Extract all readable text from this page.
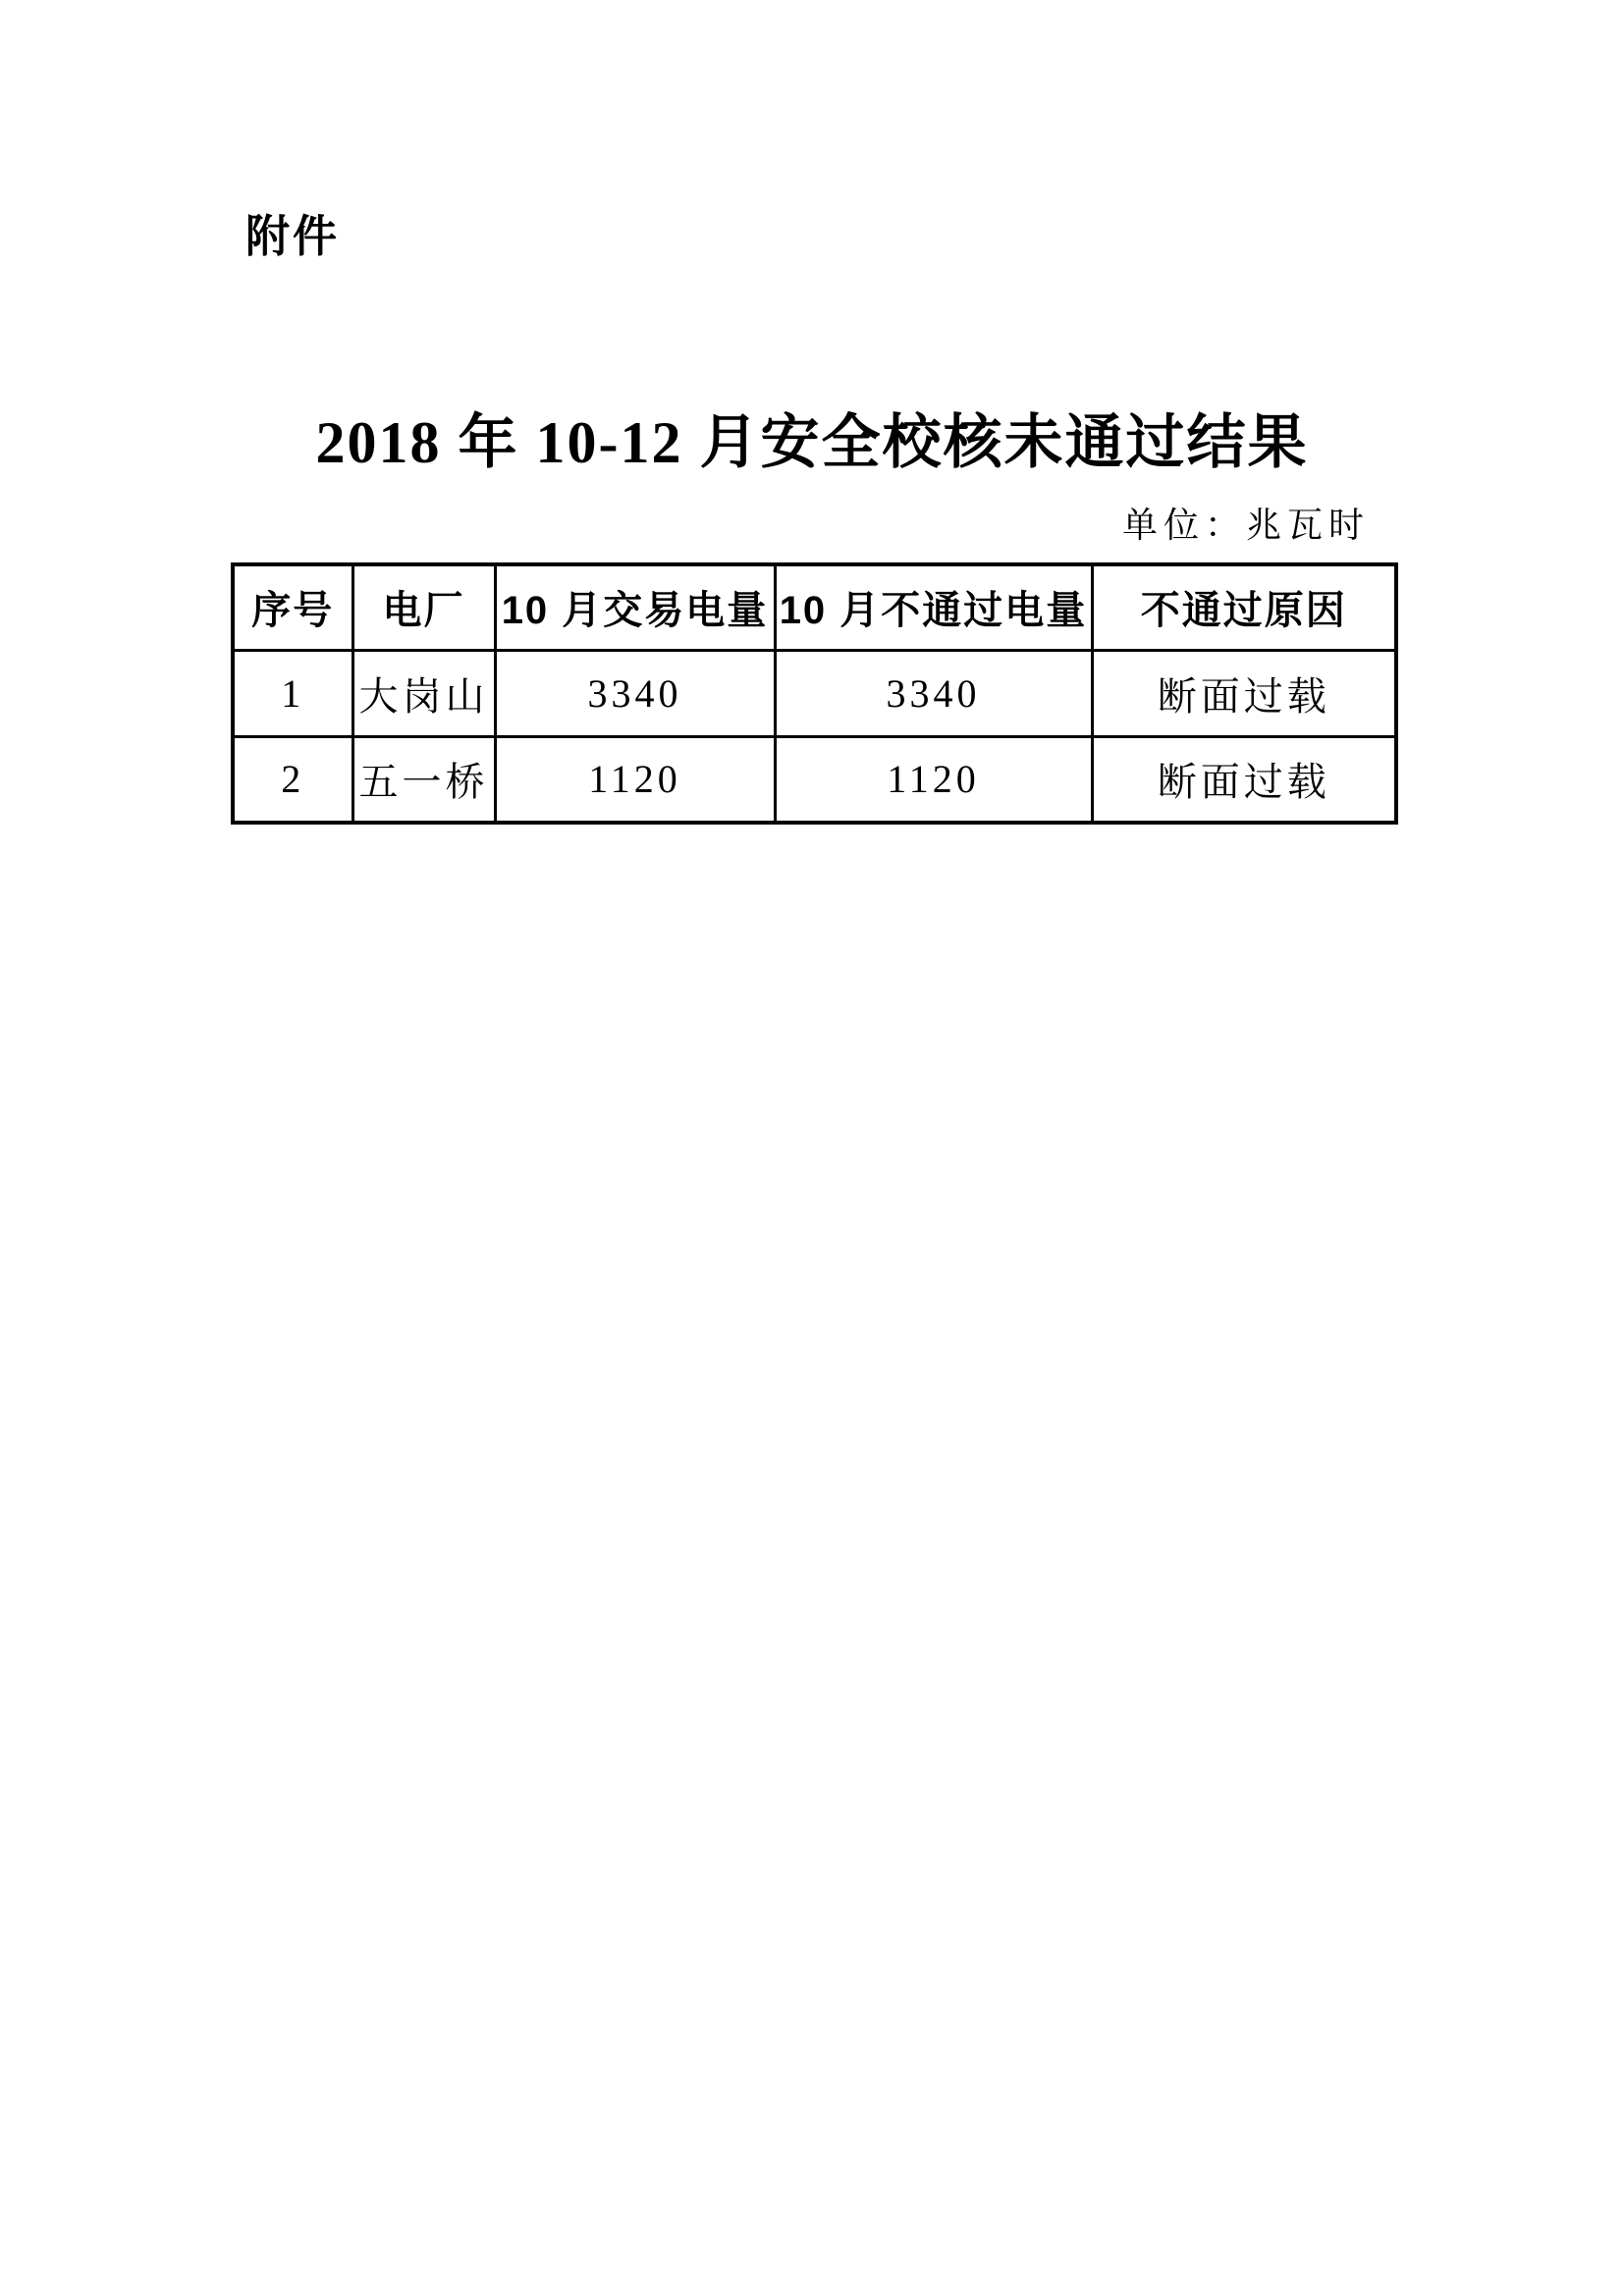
附件
2018 年 10-12 月安全校核未通过结果
单位：兆瓦时
序号	电厂	10 月交易电量	10 月不通过电量	不通过原因
1	大岗山	3340	3340	断面过载
2	五一桥	1120	1120	断面过载
